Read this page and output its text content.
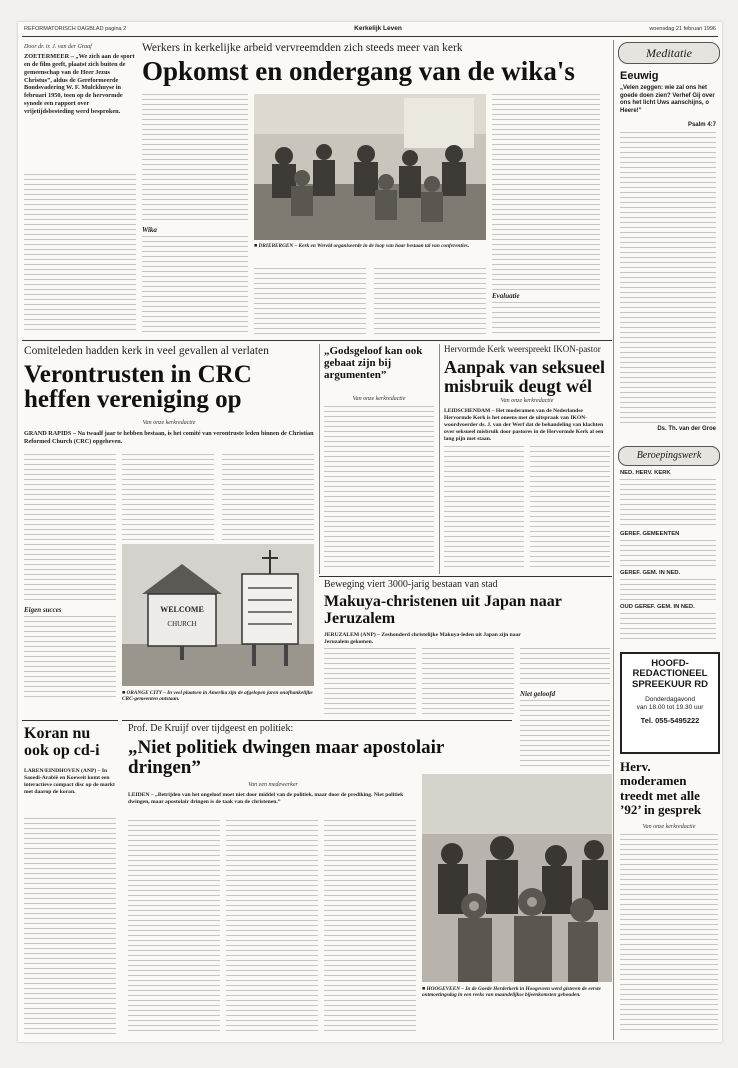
REFORMATORISCH DAGBLAD pagina 2	Kerkelijk Leven	woensdag 21 februari 1996
Door dr. ir. J. van der Graaf
ZOETERMEER – „We zich aan de sport en de film geeft, plaatst zich buiten de gemeenschap van de Heer Jezus Christus”, aldus de Gereformeerde Bondsvadering W. F. Mulckhuyse in februari 1950, toen op de hervormde synode een rapport over vrijetijdsbesteding werd besproken.
Werkers in kerkelijke arbeid vervreemdden zich steeds meer van kerk
Opkomst en ondergang van de wika's
Wika
■ DRIEBERGEN – Kerk en Wereld organiseerde in de loop van haar bestaan tal van conferenties.
Evaluatie
Meditatie
Eeuwig
„Velen zeggen: wie zal ons het goede doen zien? Verhef Gij over ons het licht Uws aanschijns, o Heere!”
Psalm 4:7
Ds. Th. van der Groe
Beroepingswerk
NED. HERV. KERK
GEREF. GEMEENTEN
GEREF. GEM. IN NED.
OUD GEREF. GEM. IN NED.
HOOFD-REDACTIONEEL SPREEKUUR RD
Donderdagavond
van 18.00 tot 19.30 uur
Tel. 055-5495222
Herv. moderamen treedt met alle ’92’ in gesprek
Van onze kerkredactie
Comiteleden hadden kerk in veel gevallen al verlaten
Verontrusten in CRC heffen vereniging op
Van onze kerkredactie
GRAND RAPIDS – Na twaalf jaar te hebben bestaan, is het comité van verontruste leden binnen de Christian Reformed Church (CRC) opgeheven.
Eigen succes	WELCOME
CHURCH
■ ORANGE CITY – In veel plaatsen in Amerika zijn de afgelopen jaren onafhankelijke CRC-gemeenten ontstaan.
„Godsgeloof kan ook gebaat zijn bij argumenten”
Van onze kerkredactie
Hervormde Kerk weerspreekt IKON-pastor
Aanpak van seksueel misbruik deugt wél
Van onze kerkredactie
LEIDSCHENDAM – Het moderamen van de Nederlandse Hervormde Kerk is het oneens met de uitspraak van IKON-woordvoerder ds. J. van der Werf dat de behandeling van klachten over seksueel misbruik door pastores in de Hervormde Kerk al een lang pijn met staan.
Beweging viert 3000-jarig bestaan van stad
Makuya-christenen uit Japan naar Jeruzalem
JERUZALEM (ANP) – Zeshonderd christelijke Makuya-leden uit Japan zijn naar Jeruzalem gekomen.
Niet geloofd
Prof. De Kruijf over tijdgeest en politiek:
„Niet politiek dwingen maar apostolair dringen”
Van een medewerker
LEIDEN – „Betrijden van het ongeloof moet niet door middel van de politiek, maar door de prediking. Niet politiek dwingen, maar apostolair dringen is de taak van de christenen.”
■ HOOGEVEEN – In de Goede Herderkerk in Hoogeveen werd gisteren de eerste ontmoetingsdag in een reeks van maandelijkse bijeenkomsten gehouden.
Koran nu ook op cd-i
LAREN/EINDHOVEN (ANP) – In Saoedi-Arabië en Koeweit komt een interactieve compact disc op de markt met daarop de koran.
